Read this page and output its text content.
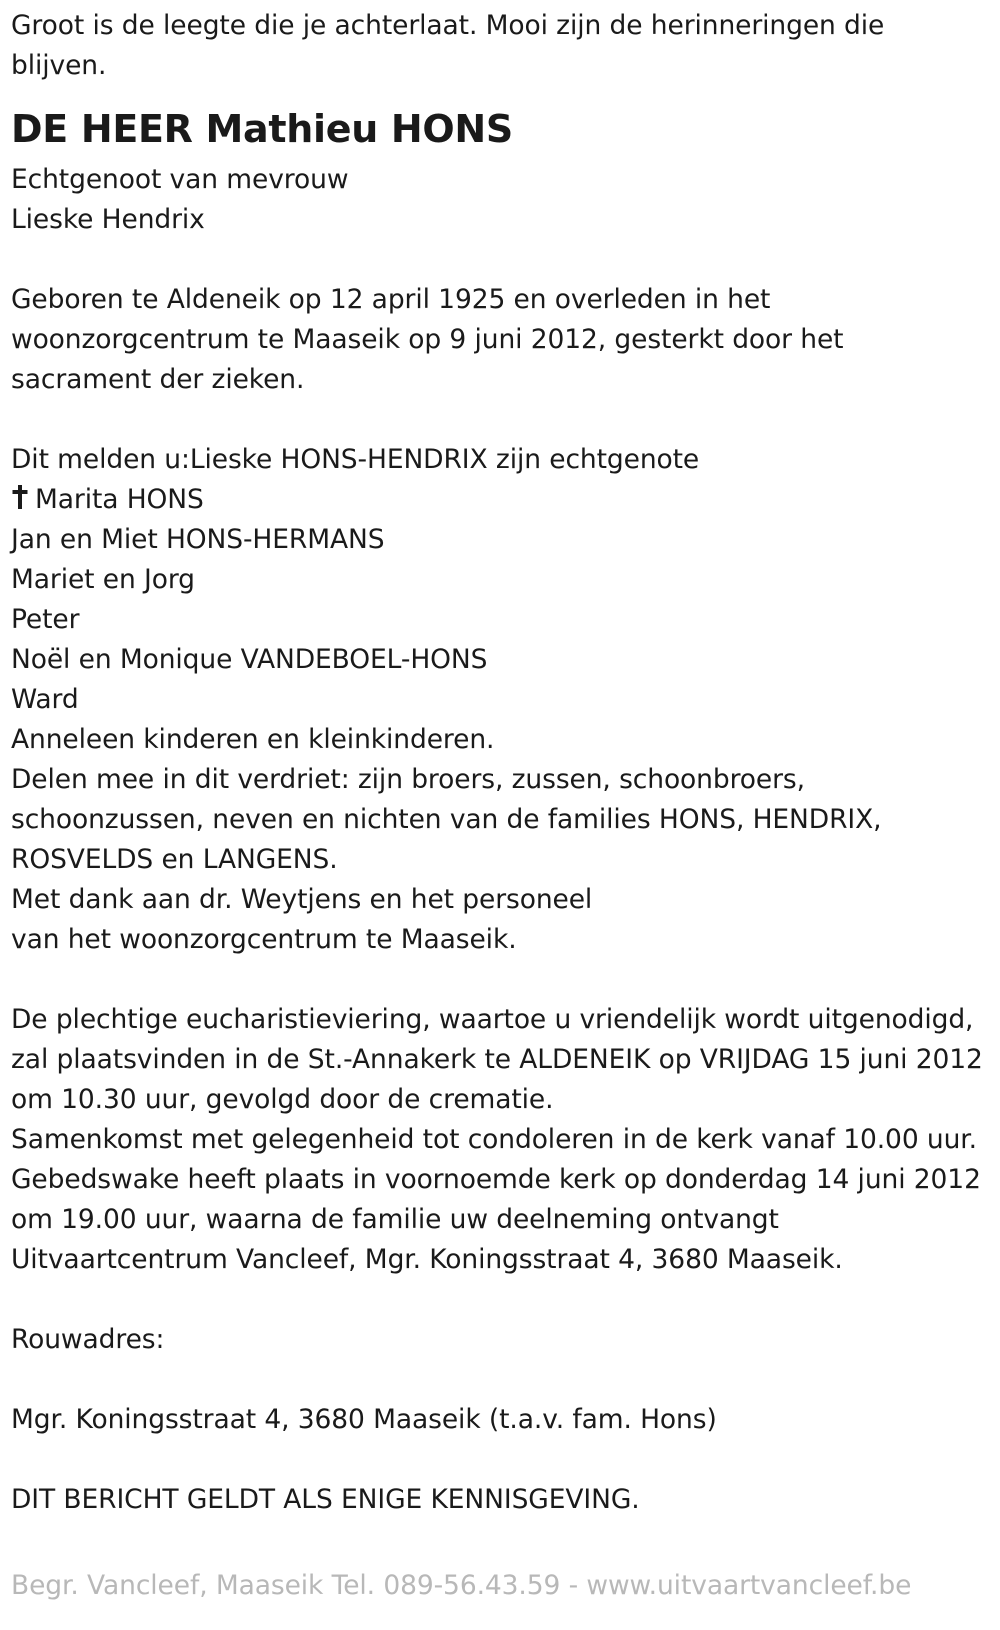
Groot is de leegte die je achterlaat. Mooi zijn de herinneringen die
blijven.
DE HEER Mathieu HONS
Echtgenoot van mevrouw
Lieske Hendrix
Geboren te Aldeneik op 12 april 1925 en overleden in het
woonzorgcentrum te Maaseik op 9 juni 2012, gesterkt door het
sacrament der zieken.
Dit melden u:Lieske HONS-HENDRIX zijn echtgenote
Marita HONS
Jan en Miet HONS-HERMANS
Mariet en Jorg
Peter
Noël en Monique VANDEBOEL-HONS
Ward
Anneleen kinderen en kleinkinderen.
Delen mee in dit verdriet: zijn broers, zussen, schoonbroers,
schoonzussen, neven en nichten van de families HONS, HENDRIX,
ROSVELDS en LANGENS.
Met dank aan dr. Weytjens en het personeel
van het woonzorgcentrum te Maaseik.
De plechtige eucharistieviering, waartoe u vriendelijk wordt uitgenodigd,
zal plaatsvinden in de St.-Annakerk te ALDENEIK op VRIJDAG 15 juni 2012
om 10.30 uur, gevolgd door de crematie.
Samenkomst met gelegenheid tot condoleren in de kerk vanaf 10.00 uur.
Gebedswake heeft plaats in voornoemde kerk op donderdag 14 juni 2012
om 19.00 uur, waarna de familie uw deelneming ontvangt
Uitvaartcentrum Vancleef, Mgr. Koningsstraat 4, 3680 Maaseik.
Rouwadres:
Mgr. Koningsstraat 4, 3680 Maaseik (t.a.v. fam. Hons)
DIT BERICHT GELDT ALS ENIGE KENNISGEVING.
Begr. Vancleef, Maaseik Tel. 089-56.43.59 - www.uitvaartvancleef.be
